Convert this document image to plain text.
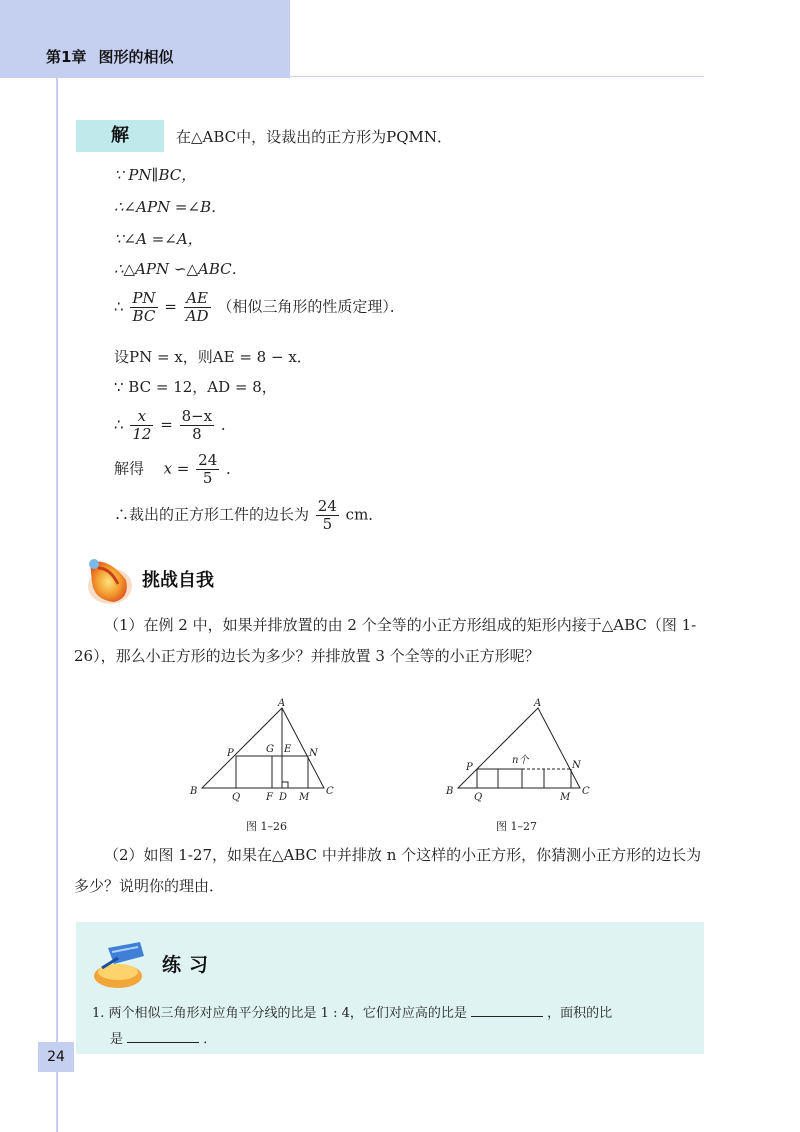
第1章 图形的相似
解	在△ABC中，设裁出的正方形为PQMN．
∵ PN∥BC，
∴∠APN =∠B．
∵∠A =∠A，
∴△APN ∽△ABC．
∴ $\frac{PN}{BC} = \frac{AE}{AD}$ （相似三角形的性质定理）．
设PN = x，则AE = 8 − x．
∵ BC = 12，AD = 8，
∴ $\frac{x}{12} = \frac{8-x}{8}$ ．
解得 $x = \frac{24}{5}$ ．
∴裁出的正方形工件的边长为 $\frac{24}{5}$ cm．
挑战自我
（1）在例 2 中，如果并排放置的由 2 个全等的小正方形组成的矩形内接于△ABC（图 1-26），那么小正方形的边长为多少？并排放置 3 个全等的小正方形呢？
A
B	C
P	N
G E
Q	F D M
图 1–26
A
B	C
P	N
Q	M
n个
图 1–27
（2）如图 1-27，如果在△ABC 中并排放 n 个这样的小正方形，你猜测小正方形的边长为多少？说明你的理由．
练习
1. 两个相似三角形对应角平分线的比是 1 : 4，它们对应高的比是	，面积的比
是	．
24
